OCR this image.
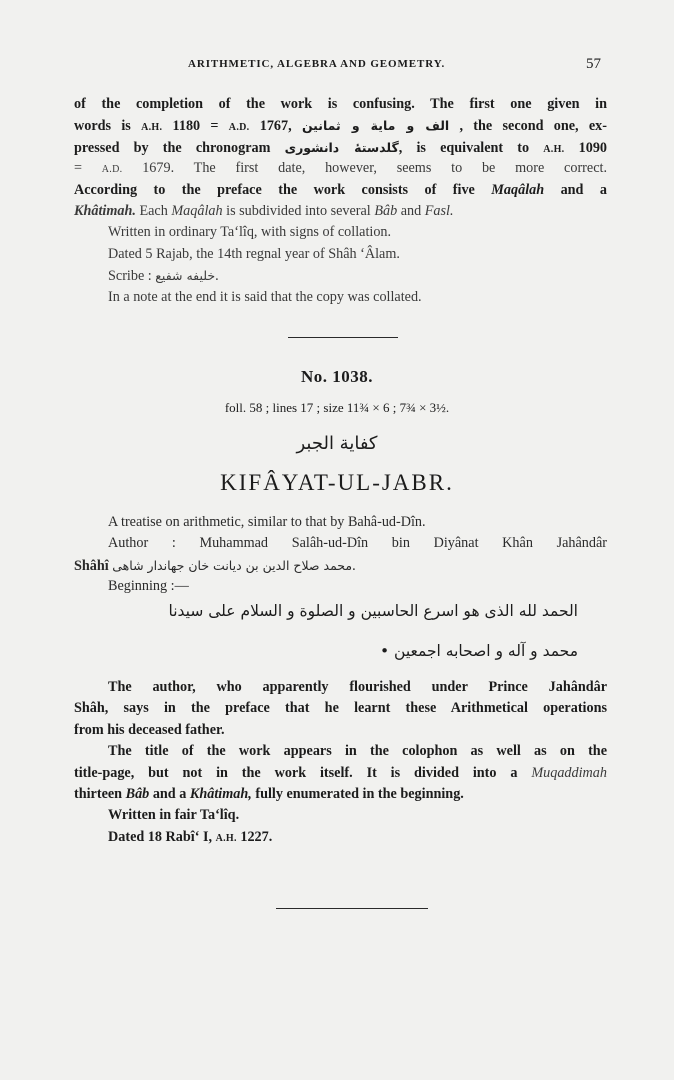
ARITHMETIC, ALGEBRA AND GEOMETRY.	57
of the completion of the work is confusing. The first one given in
words is A.H. 1180 = A.D. 1767, الف و ماية و ثمانين , the second one, ex-
pressed by the chronogram گلدستهٔ دانشوری, is equivalent to A.H. 1090
= A.D. 1679. The first date, however, seems to be more correct.
According to the preface the work consists of five Maqâlah and a
Khâtimah. Each Maqâlah is subdivided into several Bâb and Fasl.
Written in ordinary Ta‘lîq, with signs of collation.
Dated 5 Rajab, the 14th regnal year of Shâh ‘Âlam.
Scribe : خليفه شفيع.
In a note at the end it is said that the copy was collated.
No. 1038.
foll. 58 ; lines 17 ; size 11¾ × 6 ; 7¾ × 3½.
كفاية الجبر
KIFÂYAT-UL-JABR.
A treatise on arithmetic, similar to that by Bahâ-ud-Dîn.
Author : Muhammad Salâh-ud-Dîn bin Diyânat Khân Jahândâr
Shâhî محمد صلاح الدين بن ديانت خان جهاندار شاهى.
Beginning :—
الحمد لله الذى هو اسرع الحاسبين و الصلوة و السلام على سيدنا
محمد و آله و اصحابه اجمعين •
The author, who apparently flourished under Prince Jahândâr
Shâh, says in the preface that he learnt these Arithmetical operations
from his deceased father.
The title of the work appears in the colophon as well as on the
title-page, but not in the work itself. It is divided into a Muqaddimah
thirteen Bâb and a Khâtimah, fully enumerated in the beginning.
Written in fair Ta‘lîq.
Dated 18 Rabî‘ I, A.H. 1227.
